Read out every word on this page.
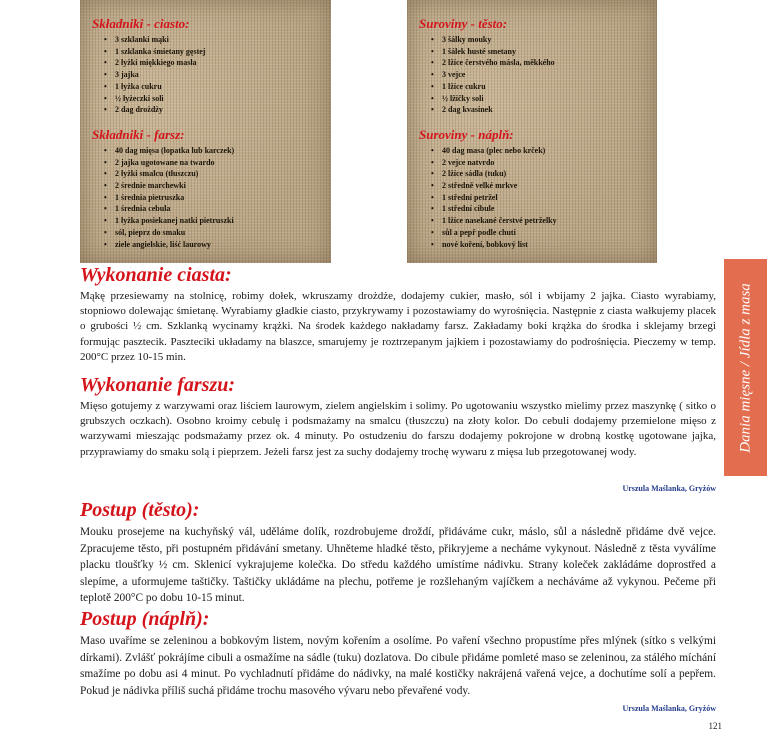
Składniki - ciasto:
• 3 szklanki mąki
• 1 szklanka śmietany gęstej
• 2 łyżki miękkiego masła
• 3 jajka
• 1 łyżka cukru
• ½ łyżeczki soli
• 2 dag drożdży
Składniki - farsz:
• 40 dag mięsa (łopatka lub karczek)
• 2 jajka ugotowane na twardo
• 2 łyżki smalcu (tłuszczu)
• 2 średnie marchewki
• 1 średnia pietruszka
• 1 średnia cebula
• 1 łyżka posiekanej natki pietruszki
• sól, pieprz do smaku
• ziele angielskie, liść laurowy
Suroviny - těsto:
• 3 šálky mouky
• 1 šálek husté smetany
• 2 lžíce čerstvého másla, měkkého
• 3 vejce
• 1 lžíce cukru
• ½ lžičky soli
• 2 dag kvasinek
Suroviny - náplň:
• 40 dag masa (plec nebo krček)
• 2 vejce natvrdo
• 2 lžíce sádla (tuku)
• 2 středně velké mrkve
• 1 střední petržel
• 1 střední cibule
• 1 lžíce nasekané čerstvé petrželky
• sůl a pepř podle chuti
• nové koření, bobkový list
Dania mięsne / Jídla z masa
Wykonanie ciasta:

Mąkę przesiewamy na stolnicę, robimy dołek, wkruszamy drożdże, dodajemy cukier, masło, sól i wbijamy 2 jajka. Ciasto wyrabiamy, stopniowo dolewając śmietanę. Wyrabiamy gładkie ciasto, przykrywamy i pozostawiamy do wyrośnięcia. Następnie z ciasta wałkujemy placek o grubości ½ cm. Szklanką wycinamy krążki. Na środek każdego nakładamy farsz. Zakładamy boki krążka do środka i sklejamy brzegi formując pasztecik. Paszteciki układamy na blaszce, smarujemy je roztrzepanym jajkiem i pozostawiamy do podrośnięcia. Pieczemy w temp. 200°C przez 10-15 min.

Wykonanie farszu:

Mięso gotujemy z warzywami oraz liściem laurowym, zielem angielskim i solimy. Po ugotowaniu wszystko mielimy przez maszynkę ( sitko o grubszych oczkach). Osobno kroimy cebulę i podsmażamy na smalcu (tłuszczu) na złoty kolor. Do cebuli dodajemy przemielone mięso z warzywami mieszając podsmażamy przez ok. 4 minuty. Po ostudzeniu do farszu dodajemy pokrojone w drobną kostkę ugotowane jajka, przyprawiamy do smaku solą i pieprzem. Jeżeli farsz jest za suchy dodajemy trochę wywaru z mięsa lub przegotowanej wody.

Urszula Maślanka, Gryżów
Postup (těsto):

Mouku prosejeme na kuchyňský vál, uděláme dolík, rozdrobujeme droždí, přidáváme cukr, máslo, sůl a následně přidáme dvě vejce. Zpracujeme těsto, při postupném přidávání smetany. Uhněteme hladké těsto, přikryjeme a necháme vykynout. Následně z těsta vyválíme placku tloušťky ½ cm. Sklenicí vykrajujeme kolečka. Do středu každého umístíme nádivku. Strany koleček zakládáme doprostřed a slepíme, a uformujeme taštičky. Taštičky ukládáme na plechu, potřeme je rozšlehaným vajíčkem a necháváme až vykynou. Pečeme při teplotě 200°C po dobu 10-15 minut.

Postup (náplň):

Maso uvaříme se zeleninou a bobkovým listem, novým kořením a osolíme. Po vaření všechno propustíme přes mlýnek (sítko s velkými dírkami). Zvlášť pokrájíme cibuli a osmažíme na sádle (tuku) dozlatova. Do cibule přidáme pomleté maso se zeleninou, za stálého míchání smažíme po dobu asi 4 minut. Po vychladnutí přidáme do nádivky, na malé kostičky nakrájená vařená vejce, a dochutíme solí a pepřem. Pokud je nádivka příliš suchá přidáme trochu masového vývaru nebo převařené vody.

Urszula Maślanka, Gryżów
121
